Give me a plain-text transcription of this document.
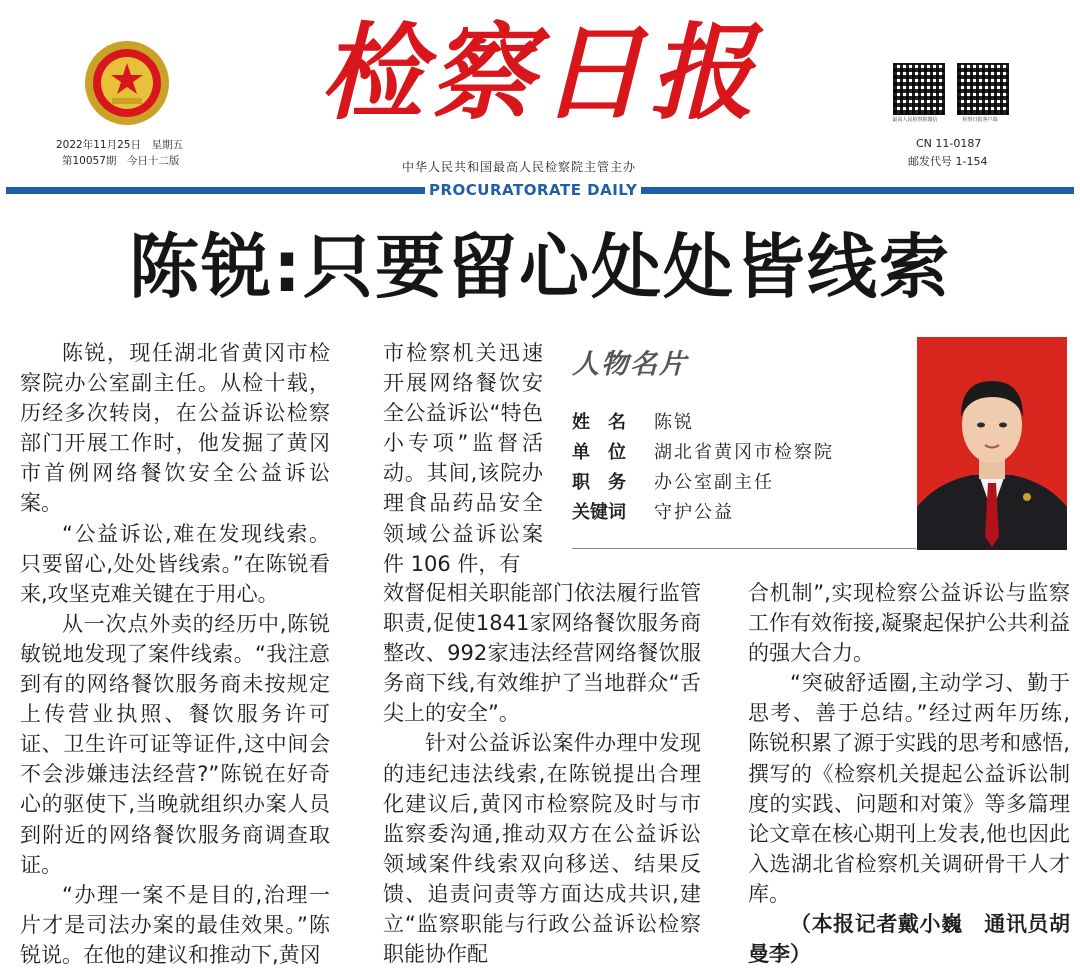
检察日报
2022年11月25日　星期五
第10057期　今日十二版	中华人民共和国最高人民检察院主管主办
最高人民检察院微信	检察日报客户端
CN 11-0187
邮发代号 1-154
PROCURATORATE DAILY
陈锐:只要留心处处皆线索

陈锐，现任湖北省黄冈市检察院办公室副主任。从检十载，历经多次转岗，在公益诉讼检察部门开展工作时，他发掘了黄冈市首例网络餐饮安全公益诉讼案。

“公益诉讼,难在发现线索。只要留心,处处皆线索。”在陈锐看来,攻坚克难关键在于用心。

从一次点外卖的经历中,陈锐敏锐地发现了案件线索。“我注意到有的网络餐饮服务商未按规定上传营业执照、餐饮服务许可证、卫生许可证等证件,这中间会不会涉嫌违法经营?”陈锐在好奇心的驱使下,当晚就组织办案人员到附近的网络餐饮服务商调查取证。

“办理一案不是目的,治理一片才是司法办案的最佳效果。”陈锐说。在他的建议和推动下,黄冈

市检察机关迅速开展网络餐饮安全公益诉讼“特色小专项”监督活动。其间,该院办理食品药品安全领域公益诉讼案件 106 件，有

人物名片
姓　名 陈锐
单　位 湖北省黄冈市检察院
职　务 办公室副主任
关键词 守护公益

效督促相关职能部门依法履行监管职责,促使1841家网络餐饮服务商整改、992家违法经营网络餐饮服务商下线,有效维护了当地群众“舌尖上的安全”。

针对公益诉讼案件办理中发现的违纪违法线索,在陈锐提出合理化建议后,黄冈市检察院及时与市监察委沟通,推动双方在公益诉讼领域案件线索双向移送、结果反馈、追责问责等方面达成共识,建立“监察职能与行政公益诉讼检察职能协作配

合机制”,实现检察公益诉讼与监察工作有效衔接,凝聚起保护公共利益的强大合力。

“突破舒适圈,主动学习、勤于思考、善于总结。”经过两年历练,陈锐积累了源于实践的思考和感悟,撰写的《检察机关提起公益诉讼制度的实践、问题和对策》等多篇理论文章在核心期刊上发表,他也因此入选湖北省检察机关调研骨干人才库。

（本报记者戴小巍　通讯员胡曼李）
